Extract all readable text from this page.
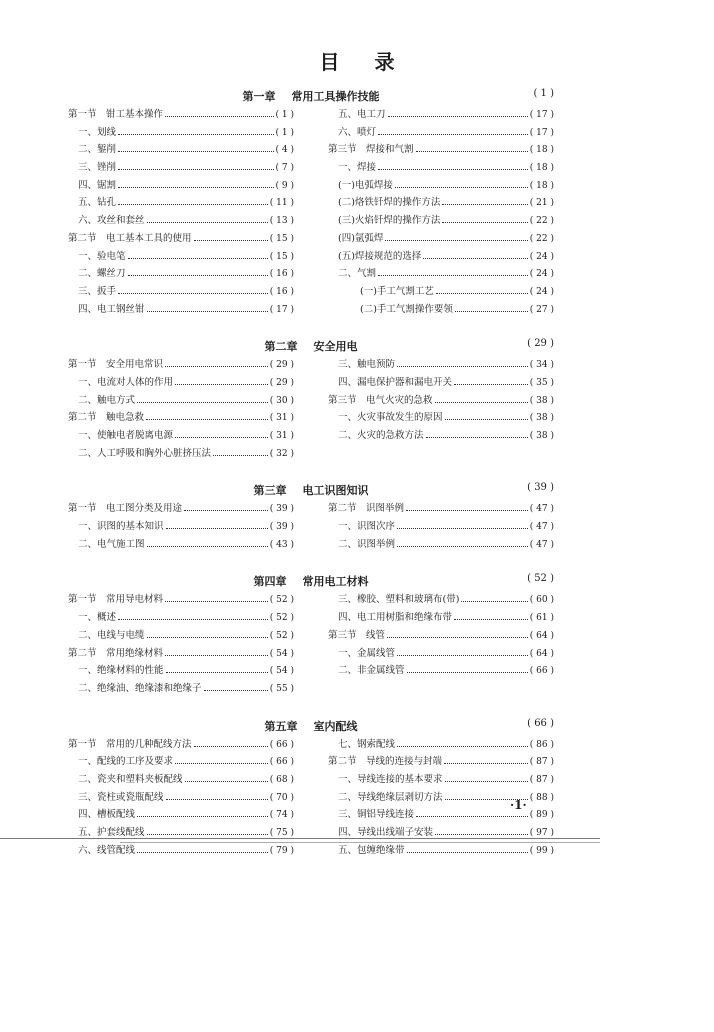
目 录
第一章 常用工具操作技能	( 1 )
第一节　钳工基本操作	( 1 )
一、划线	( 1 )
二、錾削	( 4 )
三、锉削	( 7 )
四、锯割	( 9 )
五、钻孔	( 11 )
六、攻丝和套丝	( 13 )
第二节　电工基本工具的使用	( 15 )
一、验电笔	( 15 )
二、螺丝刀	( 16 )
三、扳手	( 16 )
四、电工钢丝钳	( 17 )
五、电工刀	( 17 )
六、喷灯	( 17 )
第三节　焊接和气割	( 18 )
一、焊接	( 18 )
(一)电弧焊接	( 18 )
(二)烙铁钎焊的操作方法	( 21 )
(三)火焰钎焊的操作方法	( 22 )
(四)氩弧焊	( 22 )
(五)焊接规范的选择	( 24 )
二、气割	( 24 )
(一)手工气割工艺	( 24 )
(二)手工气割操作要领	( 27 )
第二章 安全用电	( 29 )
第一节　安全用电常识	( 29 )
一、电流对人体的作用	( 29 )
二、触电方式	( 30 )
第二节　触电急救	( 31 )
一、使触电者脱离电源	( 31 )
二、人工呼吸和胸外心脏挤压法	( 32 )
三、触电预防	( 34 )
四、漏电保护器和漏电开关	( 35 )
第三节　电气火灾的急救	( 38 )
一、火灾事故发生的原因	( 38 )
二、火灾的急救方法	( 38 )
第三章 电工识图知识	( 39 )
第一节　电工图分类及用途	( 39 )
一、识图的基本知识	( 39 )
二、电气施工图	( 43 )
第二节　识图举例	( 47 )
一、识图次序	( 47 )
二、识图举例	( 47 )
第四章 常用电工材料	( 52 )
第一节　常用导电材料	( 52 )
一、概述	( 52 )
二、电线与电缆	( 52 )
第二节　常用绝缘材料	( 54 )
一、绝缘材料的性能	( 54 )
二、绝缘油、绝缘漆和绝缘子	( 55 )
三、橡胶、塑料和玻璃布(带)	( 60 )
四、电工用树脂和绝缘布带	( 61 )
第三节　线管	( 64 )
一、金属线管	( 64 )
二、非金属线管	( 66 )
第五章 室内配线	( 66 )
第一节　常用的几种配线方法	( 66 )
一、配线的工序及要求	( 66 )
二、瓷夹和塑料夹板配线	( 68 )
三、瓷柱或瓷瓶配线	( 70 )
四、槽板配线	( 74 )
五、护套线配线	( 75 )
六、线管配线	( 79 )
七、钢索配线	( 86 )
第二节　导线的连接与封端	( 87 )
一、导线连接的基本要求	( 87 )
二、导线绝缘层剥切方法	( 88 )
三、铜铝导线连接	( 89 )
四、导线出线端子安装	( 97 )
五、包缠绝缘带	( 99 )
·1·
